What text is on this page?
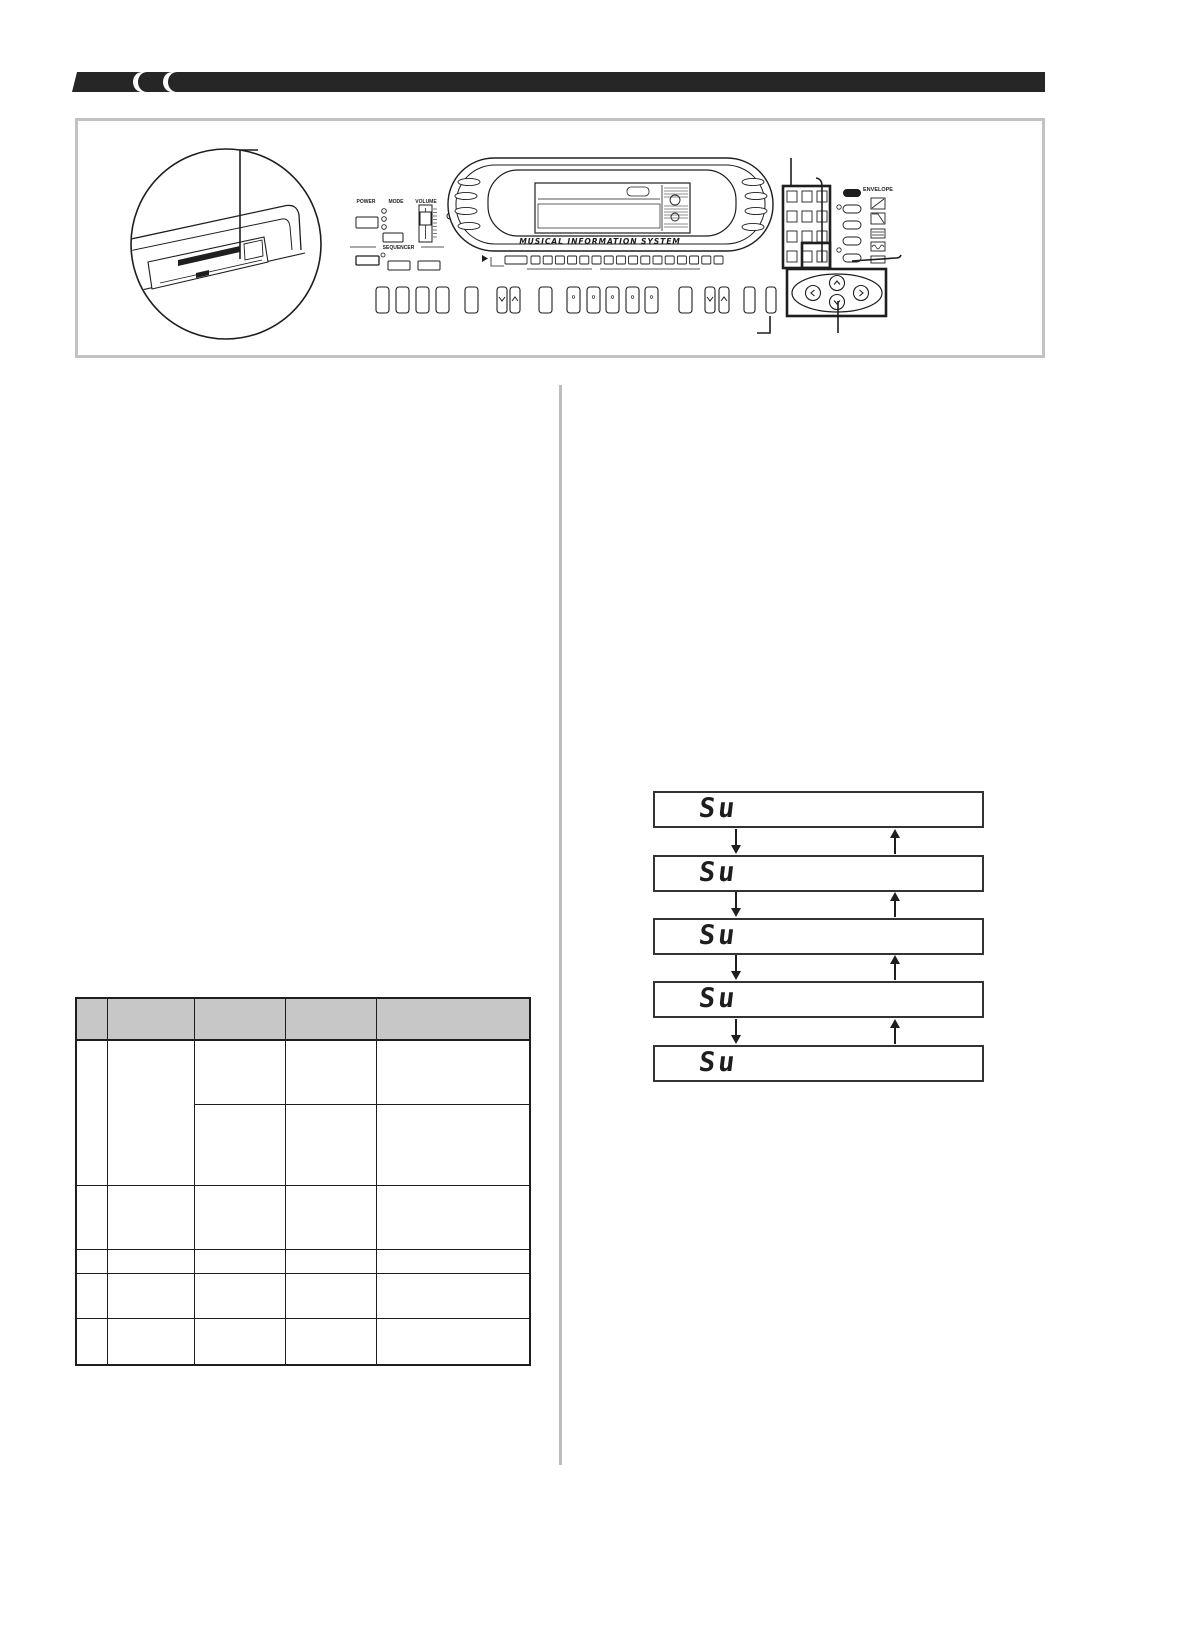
POWER	MODE VOLUME
SEQUENCER
MUSICAL INFORMATION SYSTEM
ENVELOPE

Su
Su
Su
Su
Su
